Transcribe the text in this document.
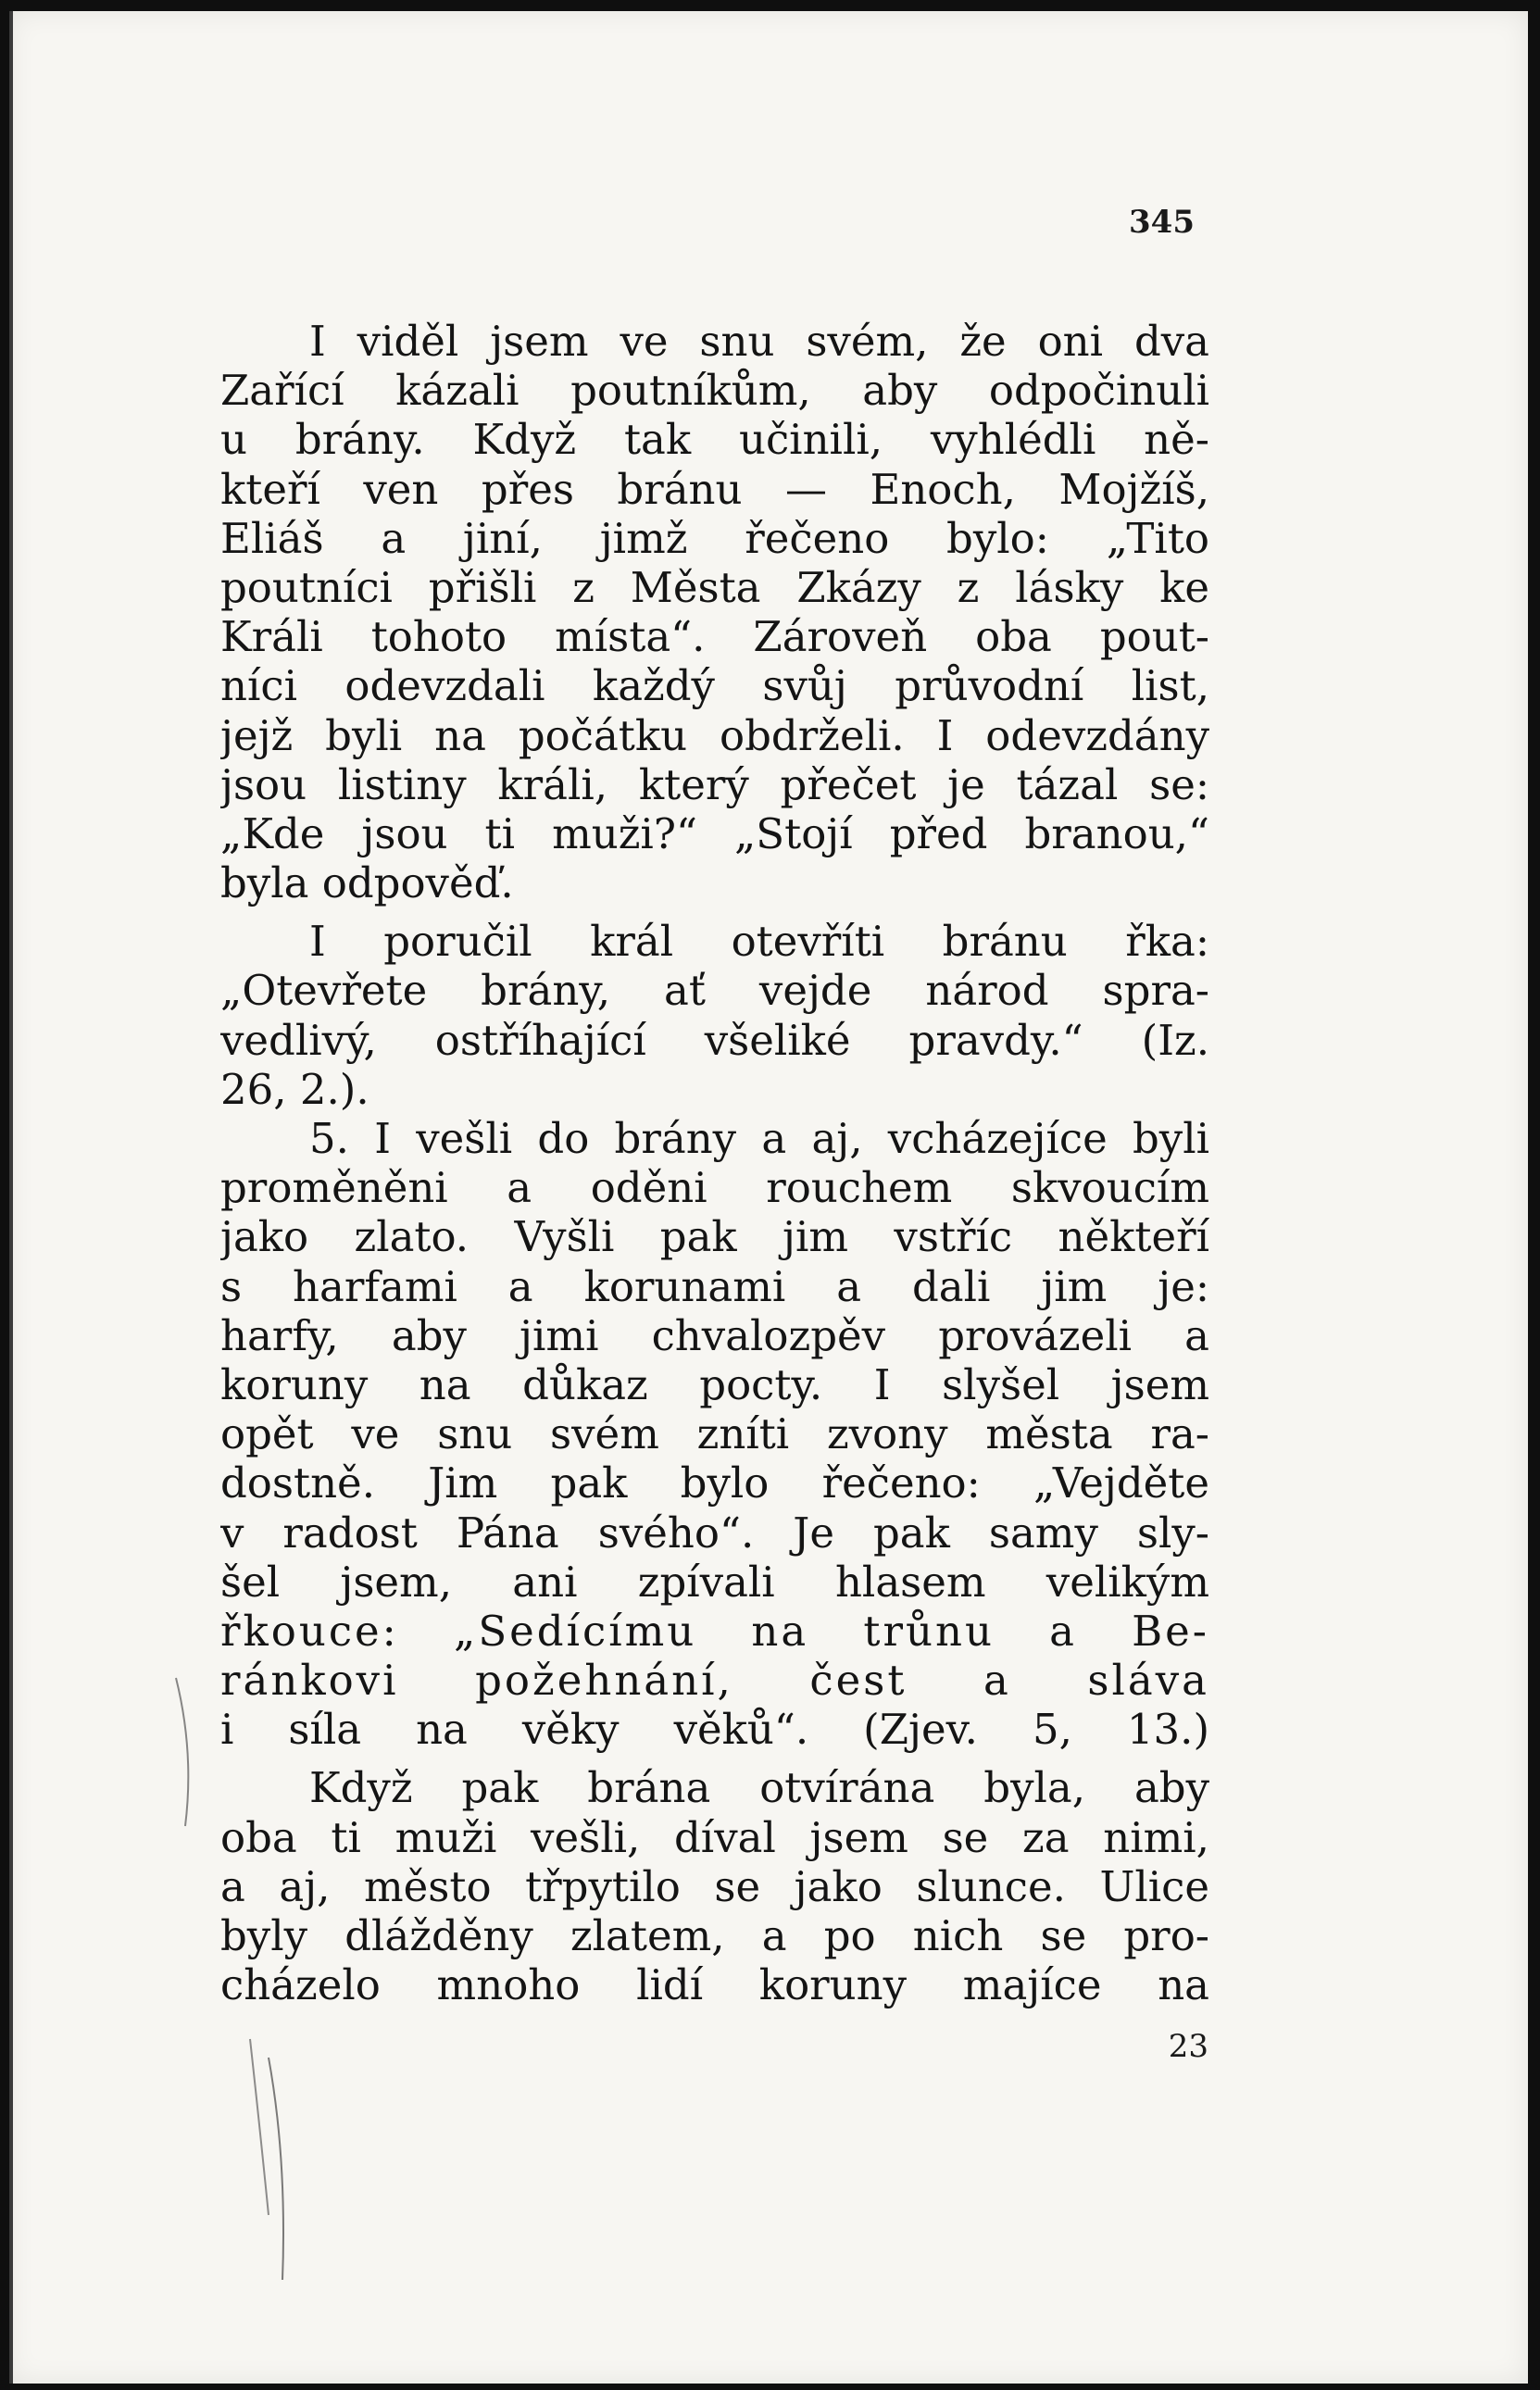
345
I viděl jsem ve snu svém, že oni dva
Zařící kázali poutníkům, aby odpočinuli
u brány. Když tak učinili, vyhlédli ně-
kteří ven přes bránu — Enoch, Mojžíš,
Eliáš a jiní, jimž řečeno bylo: „Tito
poutníci přišli z Města Zkázy z lásky ke
Králi tohoto místa“. Zároveň oba pout-
níci odevzdali každý svůj průvodní list,
jejž byli na počátku obdrželi. I odevzdány
jsou listiny králi, který přečet je tázal se:
„Kde jsou ti muži?“ „Stojí před branou,“
byla odpověď.
I poručil král otevříti bránu řka:
„Otevřete brány, ať vejde národ spra-
vedlivý, ostříhající všeliké pravdy.“ (Iz.
26, 2.).
5. I vešli do brány a aj, vcházejíce byli
proměněni a oděni rouchem skvoucím
jako zlato. Vyšli pak jim vstříc někteří
s harfami a korunami a dali jim je:
harfy, aby jimi chvalozpěv provázeli a
koruny na důkaz pocty. I slyšel jsem
opět ve snu svém zníti zvony města ra-
dostně. Jim pak bylo řečeno: „Vejděte
v radost Pána svého“. Je pak samy sly-
šel jsem, ani zpívali hlasem velikým
řkouce: „Sedícímu na trůnu a Be-
ránkovi požehnání, čest a sláva
i síla na věky věků“. (Zjev. 5, 13.)
Když pak brána otvírána byla, aby
oba ti muži vešli, díval jsem se za nimi,
a aj, město třpytilo se jako slunce. Ulice
byly dlážděny zlatem, a po nich se pro-
cházelo mnoho lidí koruny majíce na
23
